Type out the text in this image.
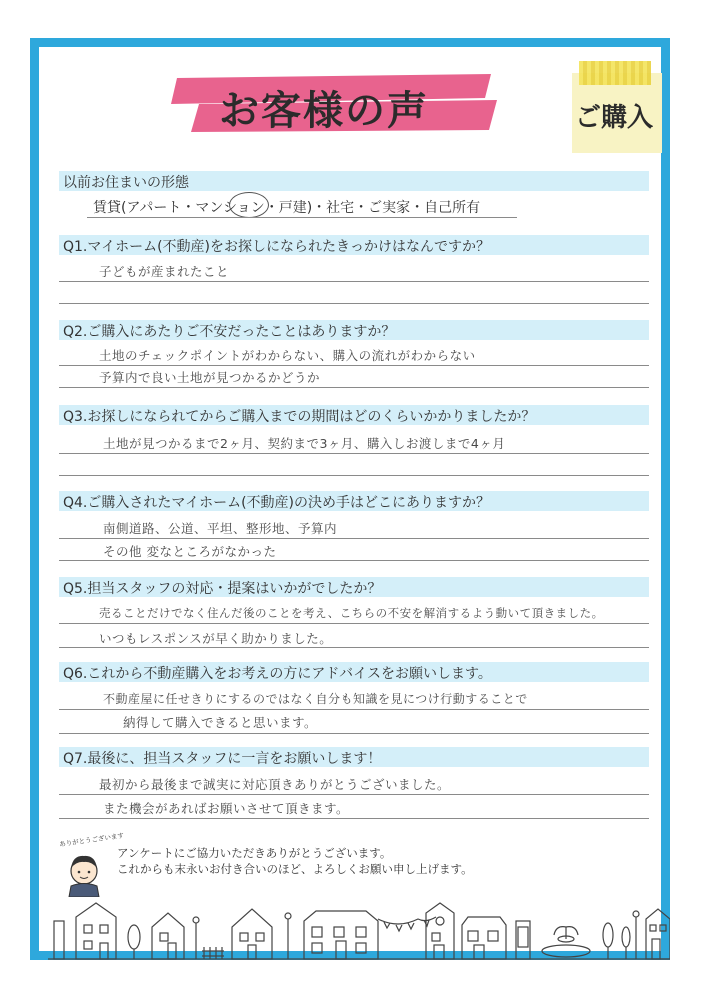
お客様の声	ご購入
以前お住まいの形態
賃貸(アパート・マンション・戸建)・社宅・ご実家・自己所有
Q1.マイホーム(不動産)をお探しになられたきっかけはなんですか？
子どもが産まれたこと
Q2.ご購入にあたりご不安だったことはありますか？
土地のチェックポイントがわからない、購入の流れがわからない
予算内で良い土地が見つかるかどうか
Q3.お探しになられてからご購入までの期間はどのくらいかかりましたか？
土地が見つかるまで2ヶ月、契約まで3ヶ月、購入しお渡しまで4ヶ月
Q4.ご購入されたマイホーム(不動産)の決め手はどこにありますか？
南側道路、公道、平坦、整形地、予算内
その他 変なところがなかった
Q5.担当スタッフの対応・提案はいかがでしたか？
売ることだけでなく住んだ後のことを考え、こちらの不安を解消するよう動いて頂きました。
いつもレスポンスが早く助かりました。
Q6.これから不動産購入をお考えの方にアドバイスをお願いします。
不動産屋に任せきりにするのではなく自分も知識を見につけ行動することで
納得して購入できると思います。
Q7.最後に、担当スタッフに一言をお願いします！
最初から最後まで誠実に対応頂きありがとうございました。
また機会があればお願いさせて頂きます。
ありがとうございます
アンケートにご協力いただきありがとうございます。
これからも末永いお付き合いのほど、よろしくお願い申し上げます。
